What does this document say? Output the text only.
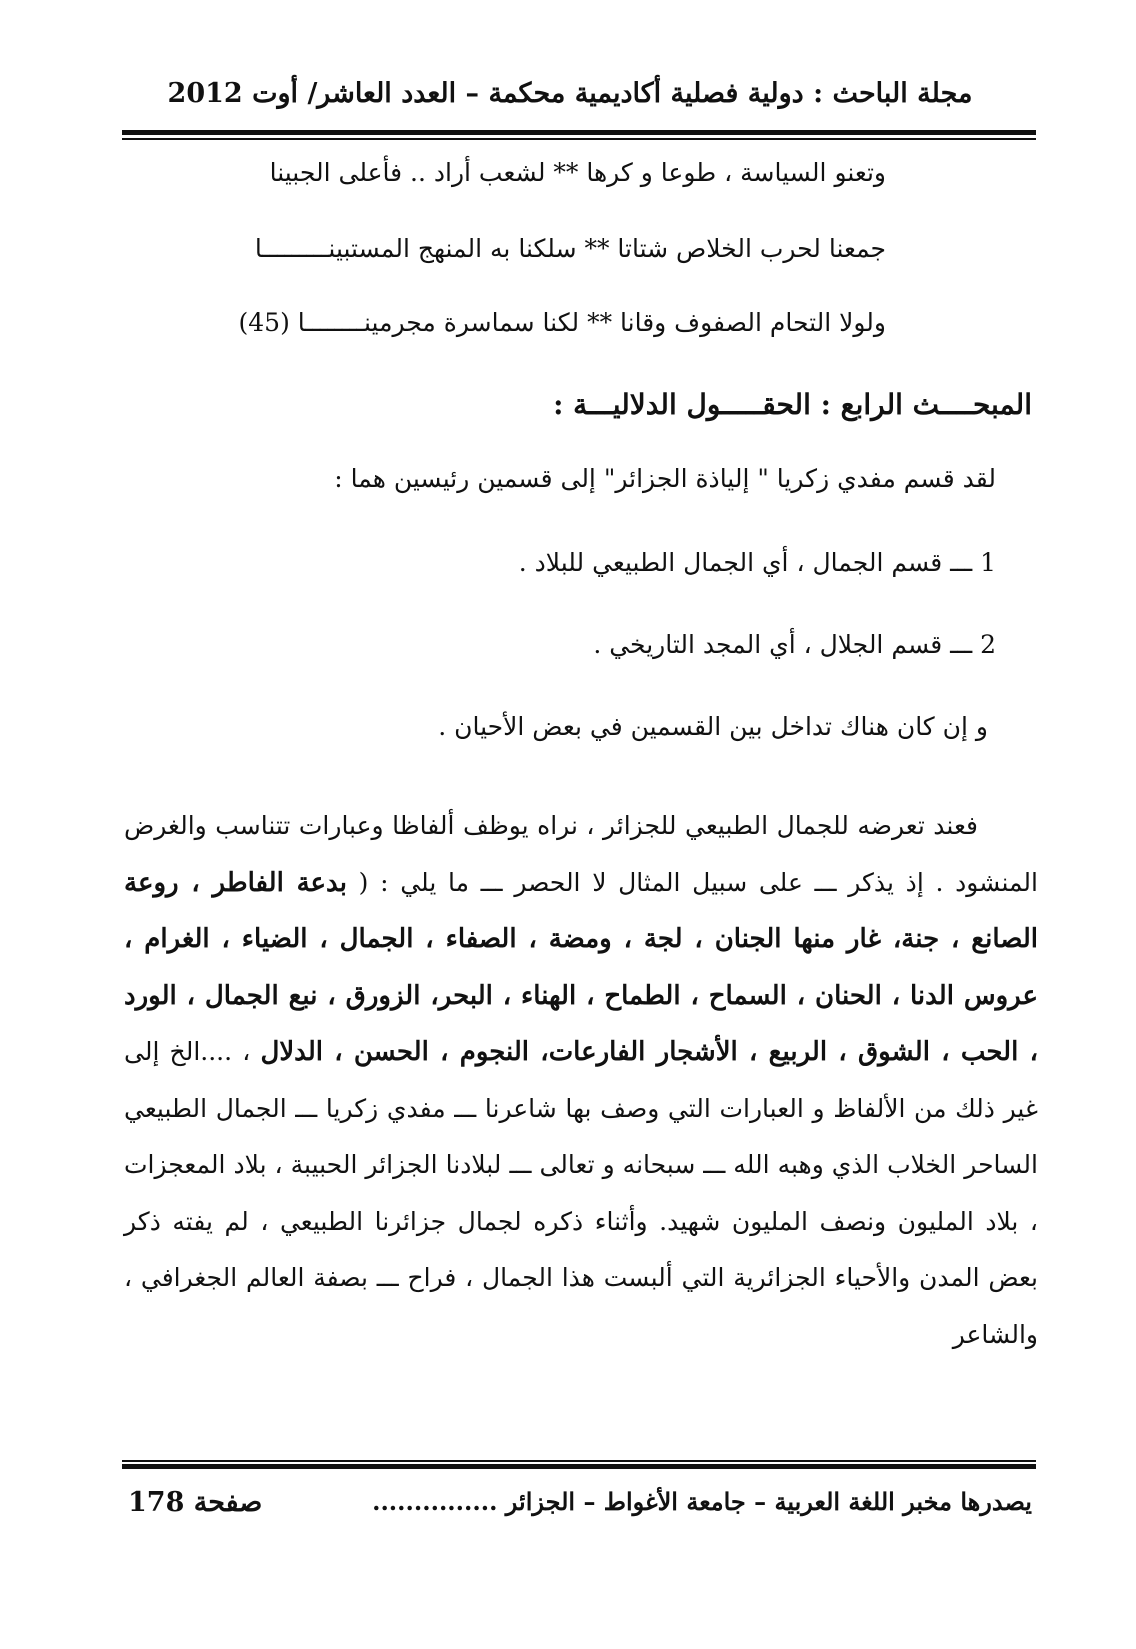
مجلة الباحث : دولية فصلية أكاديمية محكمة – العدد العاشر/ أوت 2012
وتعنو السياسة ، طوعا و كرها ** لشعب أراد .. فأعلى الجبينا
جمعنا لحرب الخلاص شتاتا ** سلكنا به المنهج المستبينـــــــــا
ولولا التحام الصفوف وقانا ** لكنا سماسرة مجرمينــــــــا (45)
المبحــــث الرابع : الحقـــــول الدلاليـــة :
لقد قسم مفدي زكريا " إلياذة الجزائر" إلى قسمين رئيسين هما :
1 ـــ قسم الجمال ، أي الجمال الطبيعي للبلاد .
2 ـــ قسم الجلال ، أي المجد التاريخي .
و إن كان هناك تداخل بين القسمين في بعض الأحيان .
فعند تعرضه للجمال الطبيعي للجزائر ، نراه يوظف ألفاظا وعبارات تتناسب والغرض المنشود . إذ يذكر ـــ على سبيل المثال لا الحصر ـــ ما يلي : ( بدعة الفاطر ، روعة الصانع ، جنة، غار منها الجنان ، لجة ، ومضة ، الصفاء ، الجمال ، الضياء ، الغرام ، عروس الدنا ، الحنان ، السماح ، الطماح ، الهناء ، البحر، الزورق ، نبع الجمال ، الورد ، الحب ، الشوق ، الربيع ، الأشجار الفارعات، النجوم ، الحسن ، الدلال ، ....الخ إلى غير ذلك من الألفاظ و العبارات التي وصف بها شاعرنا ـــ مفدي زكريا ـــ الجمال الطبيعي الساحر الخلاب الذي وهبه الله ـــ سبحانه و تعالى ـــ لبلادنا الجزائر الحبيبة ، بلاد المعجزات ، بلاد المليون ونصف المليون شهيد. وأثناء ذكره لجمال جزائرنا الطبيعي ، لم يفته ذكر بعض المدن والأحياء الجزائرية التي ألبست هذا الجمال ، فراح ـــ بصفة العالم الجغرافي ، والشاعر
يصدرها مخبر اللغة العربية – جامعة الأغواط – الجزائر ...............
صفحة 178
